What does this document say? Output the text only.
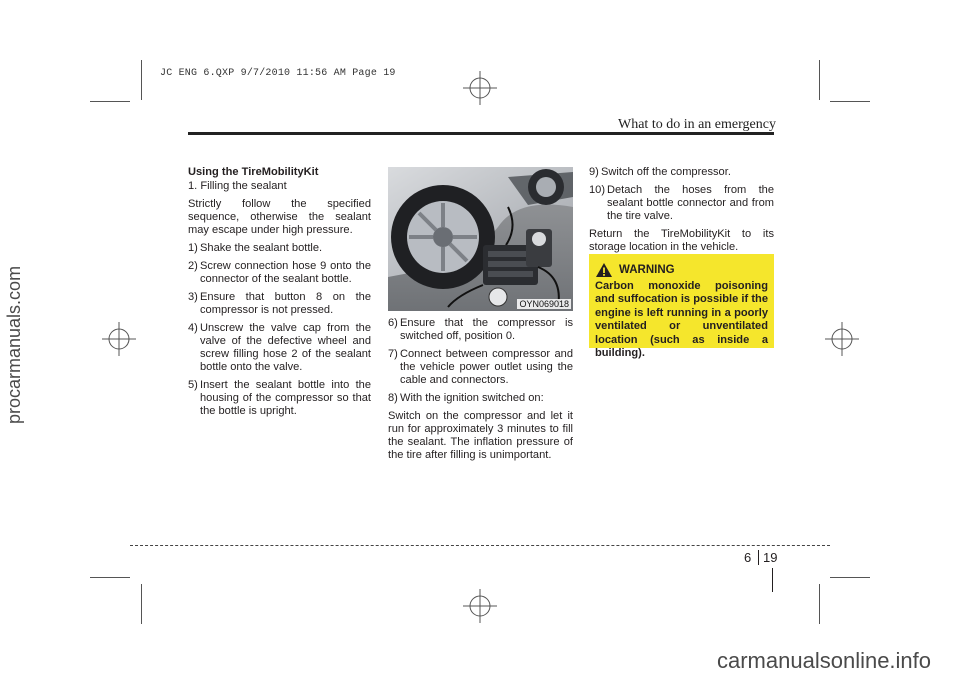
JC ENG 6.QXP 9/7/2010 11:56 AM Page 19
procarmanuals.com
carmanualsonline.info
What to do in an emergency

Using the TireMobilityKit

1. Filling the sealant

Strictly follow the specified sequence, otherwise the sealant may escape under high pressure.

1) Shake the sealant bottle.
2) Screw connection hose 9 onto the connector of the sealant bottle.
3) Ensure that button 8 on the compressor is not pressed.
4) Unscrew the valve cap from the valve of the defective wheel and screw filling hose 2 of the sealant bottle onto the valve.
5) Insert the sealant bottle into the housing of the compressor so that the bottle is upright.
OYN069018
6) Ensure that the compressor is switched off, position 0.
7) Connect between compressor and the vehicle power outlet using the cable and connectors.
8) With the ignition switched on:

Switch on the compressor and let it run for approximately 3 minutes to fill the sealant. The inflation pressure of the tire after filling is unimportant.

9) Switch off the compressor.
10) Detach the hoses from the sealant bottle connector and from the tire valve.

Return the TireMobilityKit to its storage location in the vehicle.

WARNING
Carbon monoxide poisoning and suffocation is possible if the engine is left running in a poorly ventilated or unventilated location (such as inside a building).
6 19
